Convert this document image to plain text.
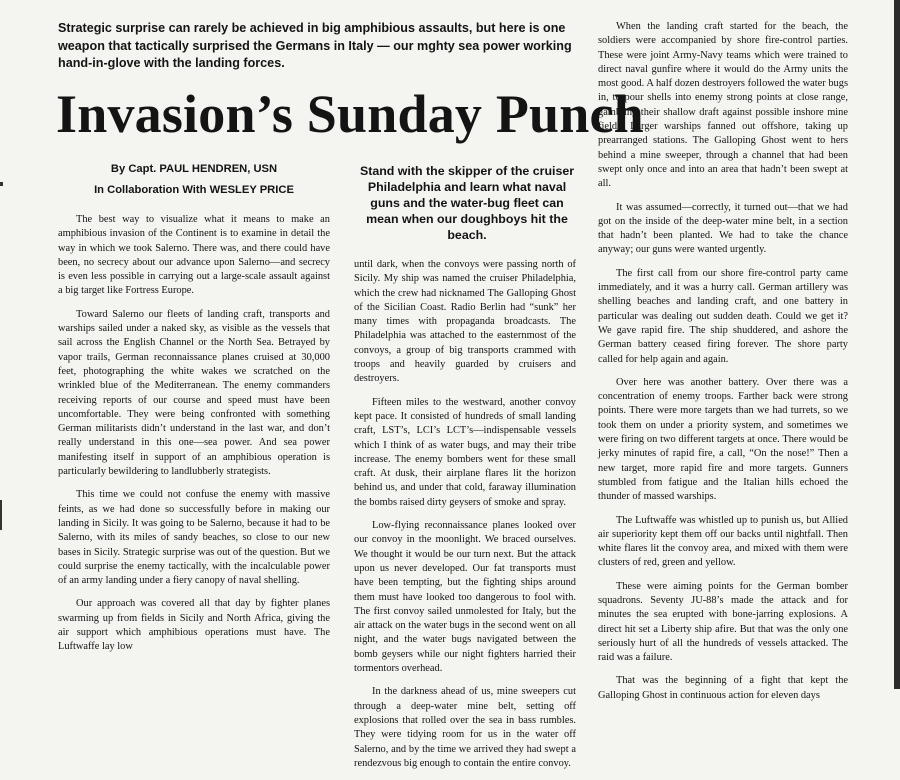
Strategic surprise can rarely be achieved in big amphibious assaults, but here is one weapon that tactically surprised the Germans in Italy — our mghty sea power working hand-in-glove with the landing forces.
Invasion’s Sunday Punch
By Capt. PAUL HENDREN, USN
In Collaboration With WESLEY PRICE
Stand with the skipper of the cruiser Philadelphia and learn what naval guns and the water-bug fleet can mean when our doughboys hit the beach.

The best way to visualize what it means to make an amphibious invasion of the Continent is to examine in detail the way in which we took Salerno. There was, and there could have been, no secrecy about our advance upon Salerno—and secrecy is even less possible in carrying out a large-scale assault against a big target like Fortress Europe.

Toward Salerno our fleets of landing craft, transports and warships sailed under a naked sky, as visible as the vessels that sail across the English Channel or the North Sea. Betrayed by vapor trails, German reconnaissance planes cruised at 30,000 feet, photographing the white wakes we scratched on the wrinkled blue of the Mediterranean. The enemy commanders receiving reports of our course and speed must have been uncomfortable. They were being confronted with something German militarists didn’t understand in the last war, and don’t really understand in this one—sea power. And sea power manifesting itself in support of an amphibious operation is particularly bewildering to landlubberly strategists.

This time we could not confuse the enemy with massive feints, as we had done so successfully before in making our landing in Sicily. It was going to be Salerno, because it had to be Salerno, with its miles of sandy beaches, so close to our new bases in Sicily. Strategic surprise was out of the question. But we could surprise the enemy tactically, with the incalculable power of an army landing under a fiery canopy of naval shelling.

Our approach was covered all that day by fighter planes swarming up from fields in Sicily and North Africa, giving the air support which amphibious operations must have. The Luftwaffe lay low

until dark, when the convoys were passing north of Sicily. My ship was named the cruiser Philadelphia, which the crew had nicknamed The Galloping Ghost of the Sicilian Coast. Radio Berlin had “sunk” her many times with propaganda broadcasts. The Philadelphia was attached to the easternmost of the convoys, a group of big transports crammed with troops and heavily guarded by cruisers and destroyers.

Fifteen miles to the westward, another convoy kept pace. It consisted of hundreds of small landing craft, LST’s, LCI’s LCT’s—indispensable vessels which I think of as water bugs, and may their tribe increase. The enemy bombers went for these small craft. At dusk, their airplane flares lit the horizon behind us, and under that cold, faraway illumination the bombs raised dirty geysers of smoke and spray.

Low-flying reconnaissance planes looked over our convoy in the moonlight. We braced ourselves. We thought it would be our turn next. But the attack upon us never developed. Our fat transports must have been tempting, but the fighting ships around them must have looked too dangerous to fool with. The first convoy sailed unmolested for Italy, but the air attack on the water bugs in the second went on all night, and the water bugs navigated between the bomb geysers while our night fighters harried their tormentors overhead.

In the darkness ahead of us, mine sweepers cut through a deep-water mine belt, setting off explosions that rolled over the sea in bass rumbles. They were tidying room for us in the water off Salerno, and by the time we arrived they had swept a rendezvous big enough to contain the entire convoy.

When the landing craft started for the beach, the soldiers were accompanied by shore fire-control parties. These were joint Army-Navy teams which were trained to direct naval gunfire where it would do the Army units the most good. A half dozen destroyers followed the water bugs in, to pour shells into enemy strong points at close range, gambling their shallow draft against possible inshore mine fields. Larger warships fanned out offshore, taking up prearranged stations. The Galloping Ghost went to hers behind a mine sweeper, through a channel that had been swept only once and into an area that hadn’t been swept at all.

It was assumed—correctly, it turned out—that we had got on the inside of the deep-water mine belt, in a section that hadn’t been planted. We had to take the chance anyway; our guns were wanted urgently.

The first call from our shore fire-control party came immediately, and it was a hurry call. German artillery was shelling beaches and landing craft, and one battery in particular was dealing out sudden death. Could we get it? We gave rapid fire. The ship shuddered, and ashore the German battery ceased firing forever. The shore party called for help again and again.

Over here was another battery. Over there was a concentration of enemy troops. Farther back were strong points. There were more targets than we had turrets, so we took them on under a priority system, and sometimes we were firing on two different targets at once. There would be jerky minutes of rapid fire, a call, “On the nose!” Then a new target, more rapid fire and more targets. Gunners stumbled from fatigue and the Italian hills echoed the thunder of massed warships.

The Luftwaffe was whistled up to punish us, but Allied air superiority kept them off our backs until nightfall. Then white flares lit the convoy area, and mixed with them were clusters of red, green and yellow.

These were aiming points for the German bomber squadrons. Seventy JU-88’s made the attack and for minutes the sea erupted with bone-jarring explosions. A direct hit set a Liberty ship afire. But that was the only one seriously hurt of all the hundreds of vessels attacked. The raid was a failure.

That was the beginning of a fight that kept the Galloping Ghost in continuous action for eleven days
